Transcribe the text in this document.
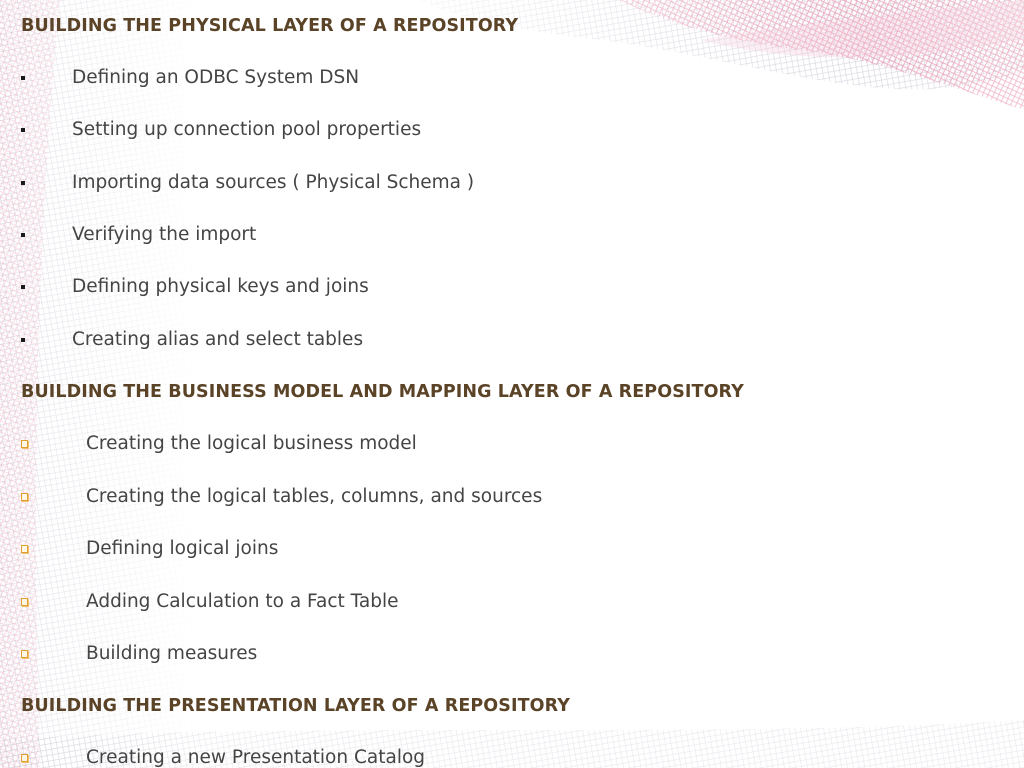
BUILDING THE PHYSICAL LAYER OF A REPOSITORY
Defining an ODBC System DSN
Setting up connection pool properties
Importing data sources ( Physical Schema )
Verifying the import
Defining physical keys and joins
Creating alias and select tables
BUILDING THE BUSINESS MODEL AND MAPPING LAYER OF A REPOSITORY
Creating the logical business model
Creating the logical tables, columns, and sources
Defining logical joins
Adding Calculation to a Fact Table
Building measures
BUILDING THE PRESENTATION LAYER OF A REPOSITORY
Creating a new Presentation Catalog
